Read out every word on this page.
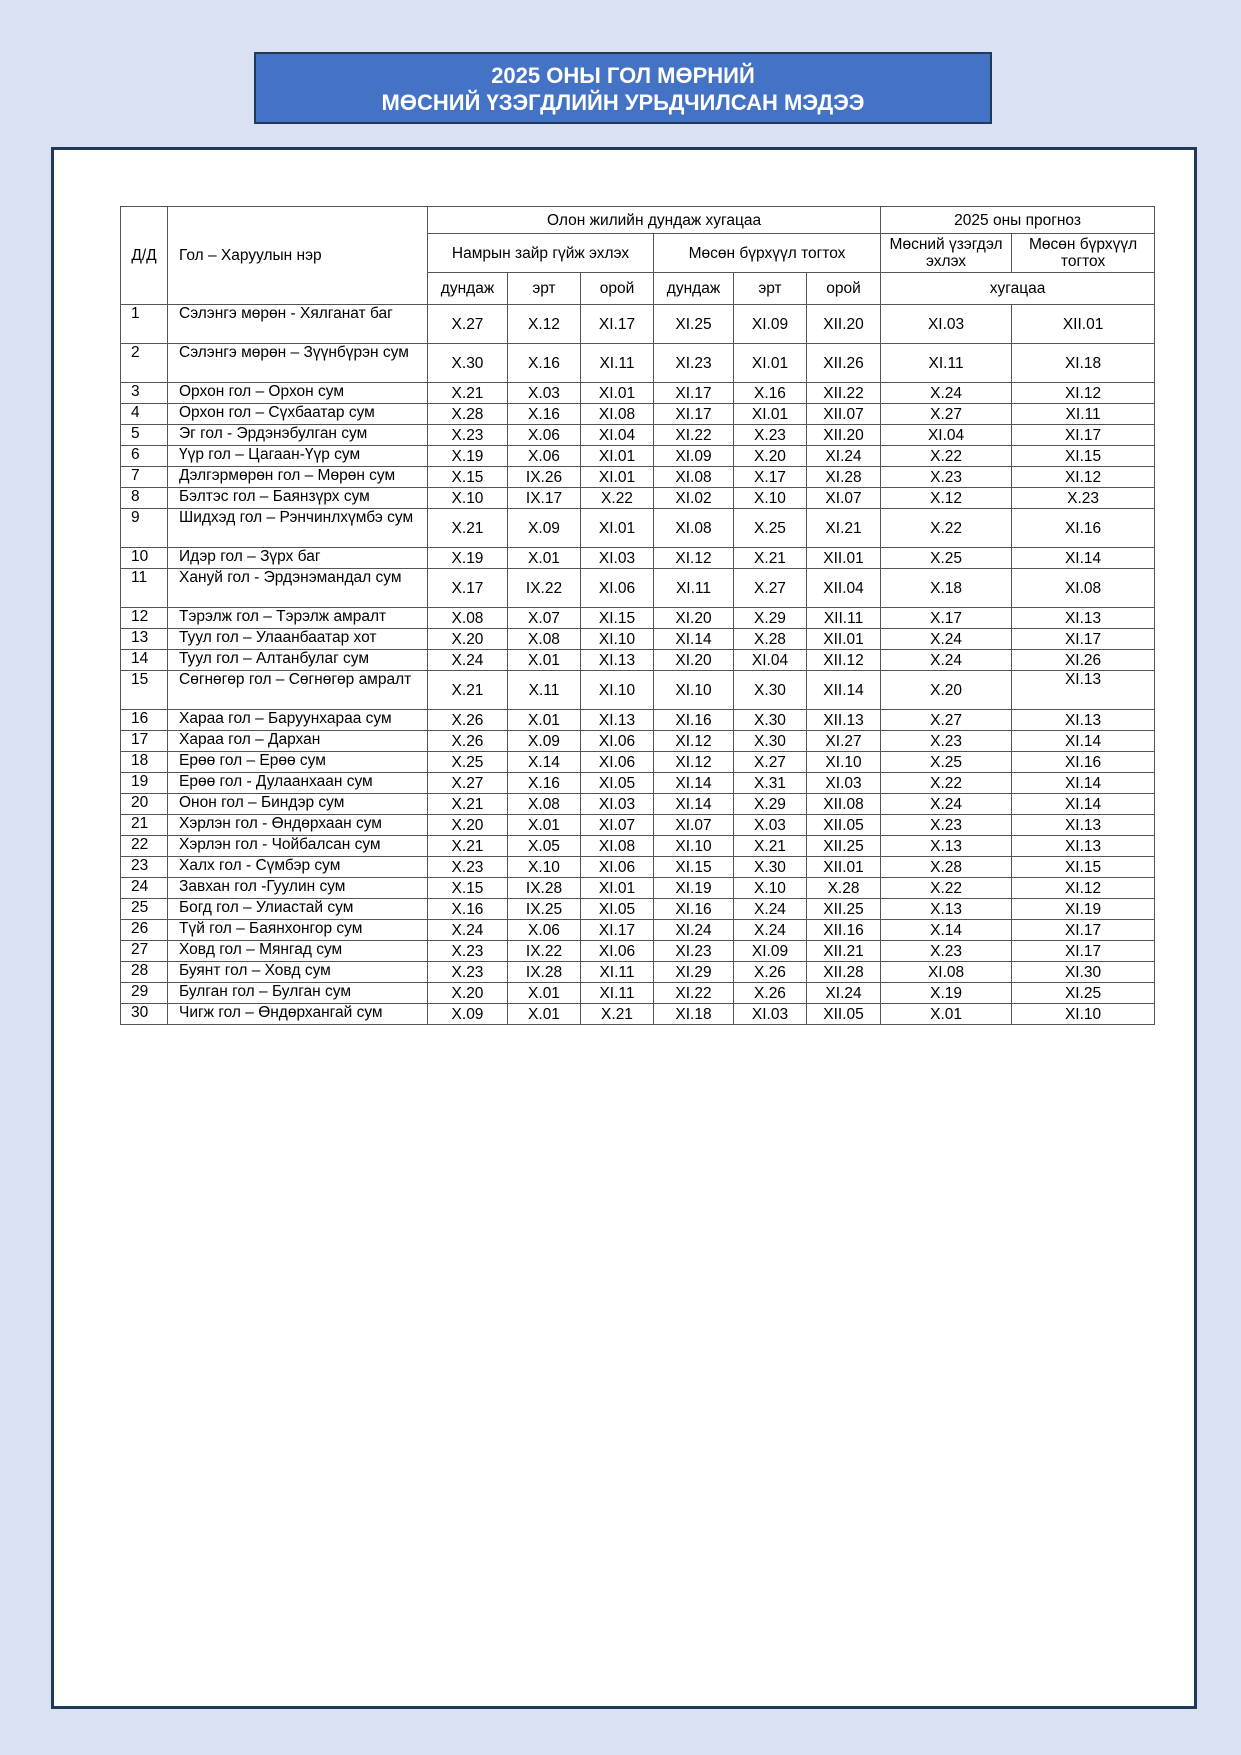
2025 ОНЫ ГОЛ МӨРНИЙ
МӨСНИЙ ҮЗЭГДЛИЙН УРЬДЧИЛСАН МЭДЭЭ
Д/Д	Гол – Харуулын нэр	Олон жилийн дундаж хугацаа						2025 оны прогноз	
		Намрын зайр гүйж эхлэх			Мөсөн бүрхүүл тогтох			Мөсний үзэгдэл эхлэх	Мөсөн бүрхүүл тогтох
		дундаж	эрт	орой	дундаж	эрт	орой	хугацаа	
1	Сэлэнгэ мөрөн - Хялганат баг	X.27	X.12	XI.17	XI.25	XI.09	XII.20	XI.03	XII.01
2	Сэлэнгэ мөрөн – Зүүнбүрэн сум	X.30	X.16	XI.11	XI.23	XI.01	XII.26	XI.11	XI.18
3	Орхон гол – Орхон сум	X.21	X.03	XI.01	XI.17	X.16	XII.22	X.24	XI.12
4	Орхон гол – Сүхбаатар сум	X.28	X.16	XI.08	XI.17	XI.01	XII.07	X.27	XI.11
5	Эг гол - Эрдэнэбулган сум	X.23	X.06	XI.04	XI.22	X.23	XII.20	XI.04	XI.17
6	Үүр гол – Цагаан-Үүр сум	X.19	X.06	XI.01	XI.09	X.20	XI.24	X.22	XI.15
7	Дэлгэрмөрөн гол – Мөрөн сум	X.15	IX.26	XI.01	XI.08	X.17	XI.28	X.23	XI.12
8	Бэлтэс гол – Баянзүрх сум	X.10	IX.17	X.22	XI.02	X.10	XI.07	X.12	X.23
9	Шидхэд гол – Рэнчинлхүмбэ сум	X.21	X.09	XI.01	XI.08	X.25	XI.21	X.22	XI.16
10	Идэр гол – Зүрх баг	X.19	X.01	XI.03	XI.12	X.21	XII.01	X.25	XI.14
11	Хануй гол - Эрдэнэмандал сум	X.17	IX.22	XI.06	XI.11	X.27	XII.04	X.18	XI.08
12	Тэрэлж гол – Тэрэлж амралт	X.08	X.07	XI.15	XI.20	X.29	XII.11	X.17	XI.13
13	Туул гол – Улаанбаатар хот	X.20	X.08	XI.10	XI.14	X.28	XII.01	X.24	XI.17
14	Туул гол – Алтанбулаг сум	X.24	X.01	XI.13	XI.20	XI.04	XII.12	X.24	XI.26
15	Сөгнөгөр гол – Сөгнөгөр амралт	X.21	X.11	XI.10	XI.10	X.30	XII.14	X.20	XI.13
16	Хараа гол – Баруунхараа сум	X.26	X.01	XI.13	XI.16	X.30	XII.13	X.27	XI.13
17	Хараа гол – Дархан	X.26	X.09	XI.06	XI.12	X.30	XI.27	X.23	XI.14
18	Ерөө гол – Ерөө сум	X.25	X.14	XI.06	XI.12	X.27	XI.10	X.25	XI.16
19	Ерөө гол - Дулаанхаан сум	X.27	X.16	XI.05	XI.14	X.31	XI.03	X.22	XI.14
20	Онон гол – Биндэр сум	X.21	X.08	XI.03	XI.14	X.29	XII.08	X.24	XI.14
21	Хэрлэн гол - Өндөрхаан сум	X.20	X.01	XI.07	XI.07	X.03	XII.05	X.23	XI.13
22	Хэрлэн гол - Чойбалсан сум	X.21	X.05	XI.08	XI.10	X.21	XII.25	X.13	XI.13
23	Халх гол - Сүмбэр сум	X.23	X.10	XI.06	XI.15	X.30	XII.01	X.28	XI.15
24	Завхан гол -Гуулин сум	X.15	IX.28	XI.01	XI.19	X.10	X.28	X.22	XI.12
25	Богд гол – Улиастай сум	X.16	IX.25	XI.05	XI.16	X.24	XII.25	X.13	XI.19
26	Түй гол – Баянхонгор сум	X.24	X.06	XI.17	XI.24	X.24	XII.16	X.14	XI.17
27	Ховд гол – Мянгад сум	X.23	IX.22	XI.06	XI.23	XI.09	XII.21	X.23	XI.17
28	Буянт гол – Ховд сум	X.23	IX.28	XI.11	XI.29	X.26	XII.28	XI.08	XI.30
29	Булган гол – Булган сум	X.20	X.01	XI.11	XI.22	X.26	XI.24	X.19	XI.25
30	Чигж гол – Өндөрхангай сум	X.09	X.01	X.21	XI.18	XI.03	XII.05	X.01	XI.10
